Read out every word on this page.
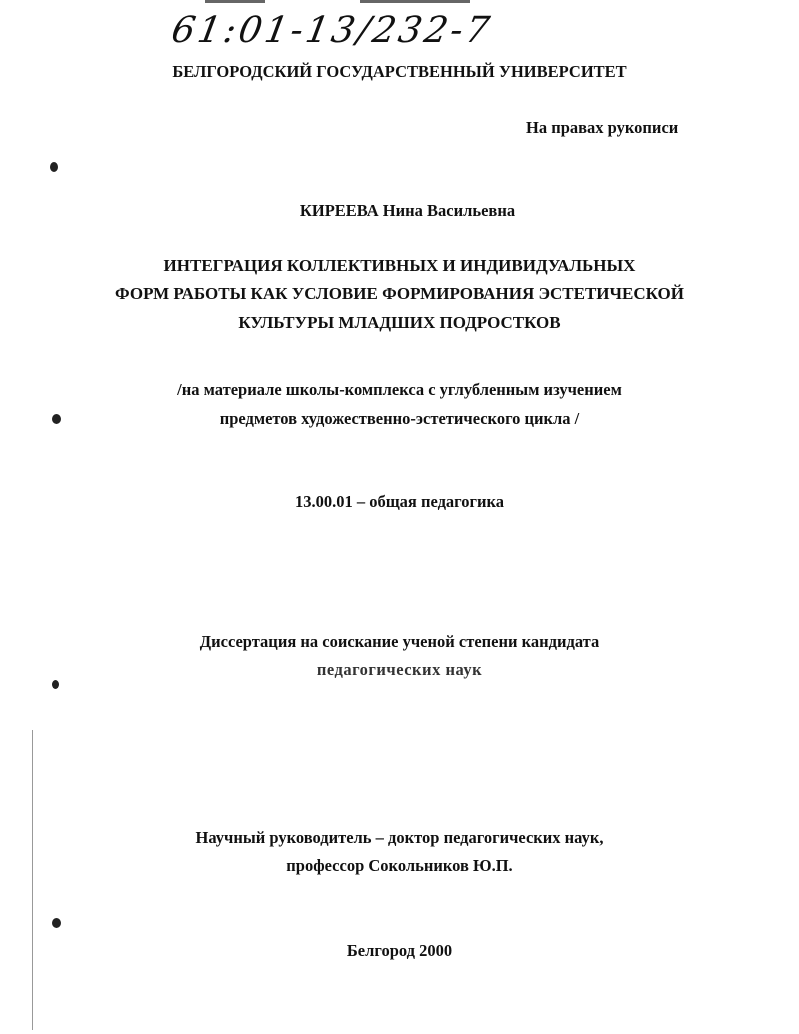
61:01-13/232-7
БЕЛГОРОДСКИЙ ГОСУДАРСТВЕННЫЙ УНИВЕРСИТЕТ
На правах рукописи
КИРЕЕВА Нина Васильевна
ИНТЕГРАЦИЯ КОЛЛЕКТИВНЫХ И ИНДИВИДУАЛЬНЫХ
ФОРМ РАБОТЫ КАК УСЛОВИЕ ФОРМИРОВАНИЯ ЭСТЕТИЧЕСКОЙ
КУЛЬТУРЫ МЛАДШИХ ПОДРОСТКОВ
/на материале школы-комплекса с углубленным изучением
предметов художественно-эстетического цикла /
13.00.01 – общая педагогика
Диссертация на соискание ученой степени кандидата
педагогических наук
Научный руководитель – доктор педагогических наук,
профессор Сокольников Ю.П.
Белгород 2000
